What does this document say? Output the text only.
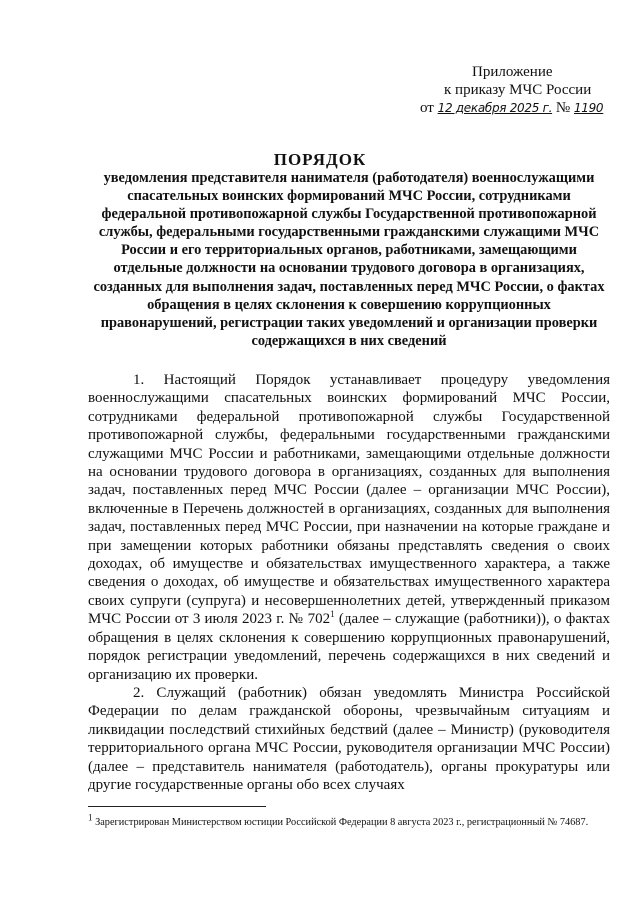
Приложение
к приказу МЧС России
от 12 декабря 2025 г. № 1190
ПОРЯДОК
уведомления представителя нанимателя (работодателя) военнослужащими спасательных воинских формирований МЧС России, сотрудниками федеральной противопожарной службы Государственной противопожарной службы, федеральными государственными гражданскими служащими МЧС России и его территориальных органов, работниками, замещающими отдельные должности на основании трудового договора в организациях, созданных для выполнения задач, поставленных перед МЧС России, о фактах обращения в целях склонения к совершению коррупционных правонарушений, регистрации таких уведомлений и организации проверки содержащихся в них сведений

1. Настоящий Порядок устанавливает процедуру уведомления военнослужащими спасательных воинских формирований МЧС России, сотрудниками федеральной противопожарной службы Государственной противопожарной службы, федеральными государственными гражданскими служащими МЧС России и работниками, замещающими отдельные должности на основании трудового договора в организациях, созданных для выполнения задач, поставленных перед МЧС России (далее – организации МЧС России), включенные в Перечень должностей в организациях, созданных для выполнения задач, поставленных перед МЧС России, при назначении на которые граждане и при замещении которых работники обязаны представлять сведения о своих доходах, об имуществе и обязательствах имущественного характера, а также сведения о доходах, об имуществе и обязательствах имущественного характера своих супруги (супруга) и несовершеннолетних детей, утвержденный приказом МЧС России от 3 июля 2023 г. № $702^1$ (далее – служащие (работники)), о фактах обращения в целях склонения к совершению коррупционных правонарушений, порядок регистрации уведомлений, перечень содержащихся в них сведений и организацию их проверки.

2. Служащий (работник) обязан уведомлять Министра Российской Федерации по делам гражданской обороны, чрезвычайным ситуациям и ликвидации последствий стихийных бедствий (далее – Министр) (руководителя территориального органа МЧС России, руководителя организации МЧС России) (далее – представитель нанимателя (работодатель), органы прокуратуры или другие государственные органы обо всех случаях

$^1$ Зарегистрирован Министерством юстиции Российской Федерации 8 августа 2023 г., регистрационный № 74687.
